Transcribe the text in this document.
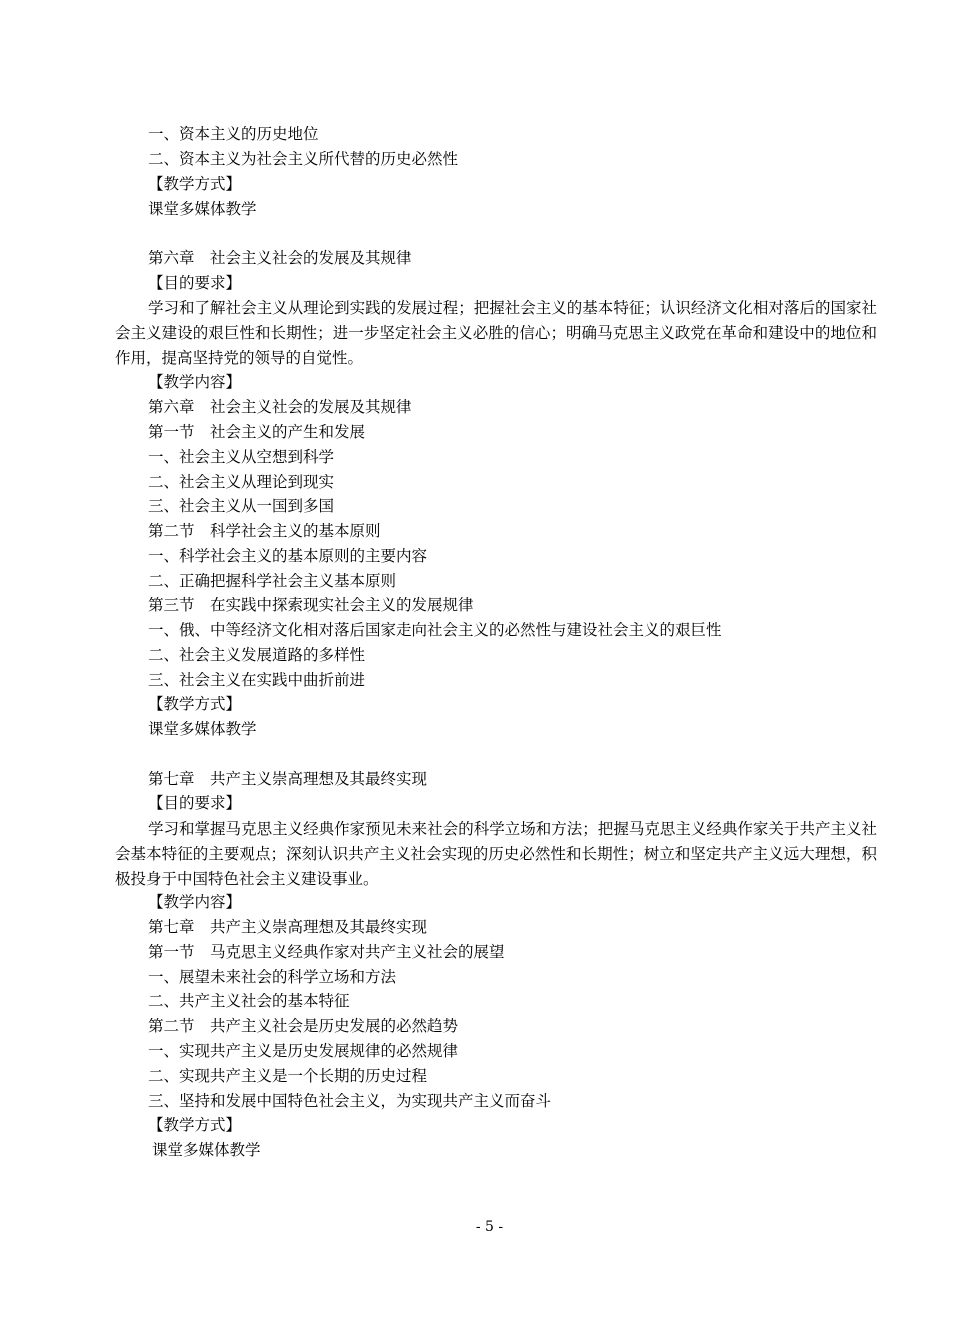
一、资本主义的历史地位
二、资本主义为社会主义所代替的历史必然性
【教学方式】
课堂多媒体教学
第六章　社会主义社会的发展及其规律
【目的要求】
学习和了解社会主义从理论到实践的发展过程；把握社会主义的基本特征；认识经济文化相对落后的国家社会主义建设的艰巨性和长期性；进一步坚定社会主义必胜的信心；明确马克思主义政党在革命和建设中的地位和作用，提高坚持党的领导的自觉性。
【教学内容】
第六章　社会主义社会的发展及其规律
第一节　社会主义的产生和发展
一、社会主义从空想到科学
二、社会主义从理论到现实
三、社会主义从一国到多国
第二节　科学社会主义的基本原则
一、科学社会主义的基本原则的主要内容
二、正确把握科学社会主义基本原则
第三节　在实践中探索现实社会主义的发展规律
一、俄、中等经济文化相对落后国家走向社会主义的必然性与建设社会主义的艰巨性
二、社会主义发展道路的多样性
三、社会主义在实践中曲折前进
【教学方式】
课堂多媒体教学
第七章　共产主义崇高理想及其最终实现
【目的要求】
学习和掌握马克思主义经典作家预见未来社会的科学立场和方法；把握马克思主义经典作家关于共产主义社会基本特征的主要观点；深刻认识共产主义社会实现的历史必然性和长期性；树立和坚定共产主义远大理想，积极投身于中国特色社会主义建设事业。
【教学内容】
第七章　共产主义崇高理想及其最终实现
第一节　马克思主义经典作家对共产主义社会的展望
一、展望未来社会的科学立场和方法
二、共产主义社会的基本特征
第二节　共产主义社会是历史发展的必然趋势
一、实现共产主义是历史发展规律的必然规律
二、实现共产主义是一个长期的历史过程
三、坚持和发展中国特色社会主义，为实现共产主义而奋斗
【教学方式】
课堂多媒体教学
- 5 -
